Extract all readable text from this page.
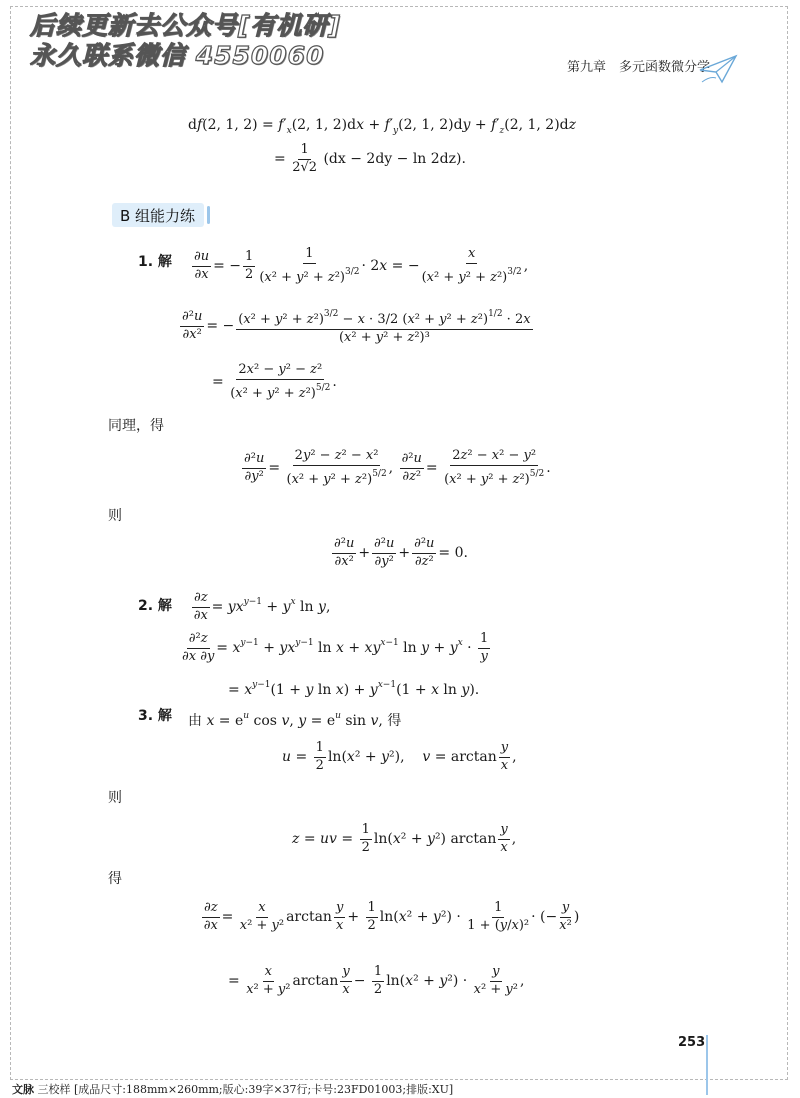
后续更新去公众号[有机研]
永久联系微信 4550060	第九章　多元函数微分学
df(2, 1, $2) = f'_x(2$, 1, $2)dx + f'_y(2$, 1, $2)dy + f'_z(2$, 1, 2)dz
= $\frac{1}{2√2} (dx - 2dy - \ln 2dz)$.
B 组能力练
1. 解 $\frac{\partial u}{\partial x}$ = − $\frac{1}{2} \frac{1}{(x^2 + y^2 + z^2)^{3/2}} \cdot 2x$ = − $\frac{x}{(x^2 + y^2 + z^2)^{3/2}}$ ,
$\frac{\text{∂²u}}{\text{∂x²}}$ = − $\frac{(x^2 + y^2 + z^2)^{3/2} - x \cdot 3/2 (x^2 + y^2 + z^2)^{1/2} \cdot 2x}{\text{(x² + y² + z²)³}}$
= $\frac{\text{2x² − y² − z²}}{(x^2 + y^2 + z^2)^{5/2}}$ .
同理，得
$\frac{\text{∂²u}}{\text{∂y²}} = \frac{\text{2y² − z² − x²}}{(x^2 + y^2 + z^2)^{5/2}}$ , $\frac{\text{∂²u}}{\text{∂z²}} = \frac{\text{2z² − x² − y²}}{(x^2 + y^2 + z^2)^{5/2}}$ .
则
$\frac{\text{∂²u}}{\text{∂x²}} + \frac{\text{∂²u}}{\text{∂y²}} + \frac{\text{∂²u}}{\text{∂z²}} = 0$.
2. 解 $\frac{\partial z}{\partial x} = yx^{y-1} + y^x$ ln y,
$\frac{\text{∂²z}}{\partial x \partial y} = x^{y-1} + yx^{y-1}$ $\ln x + xy^{x-1}$ $\ln y + y^x \cdot \frac{1}{y}$
= $x^{y-1}(1 + y$ $\ln x) + y^{x-1}(1 + x$ ln y).
3. 解 由 $x = e^u$ cos v, $y = e^u$ sin v, 得
$u = \frac{1}{2} \ln(x^2 + y^2)$,    $v = \arctan \frac{y}{x}$ ,
则
z = uv = $\frac{1}{2} \ln(x^2 + y^2)$ $\arctan \frac{y}{x}$ ,
得
$\frac{\partial z}{\partial x} = \frac{x}{\text{x² + y²}}$ $\arctan \frac{y}{x} + \frac{1}{2} \ln(x^2 + y^2) \cdot \frac{1}{\text{1 + (y/x)²}}$ · (− $\frac{y}{\text{x²}}$ )
= $\frac{x}{\text{x² + y²}}$ $\arctan \frac{y}{x} - \frac{1}{2} \ln(x^2 + y^2) \cdot \frac{y}{\text{x² + y²}}$ ,
253
文脉 三校样 [成品尺寸:188mm×260mm;版心:39字×37行;卡号:23FD01003;排版:XU]
